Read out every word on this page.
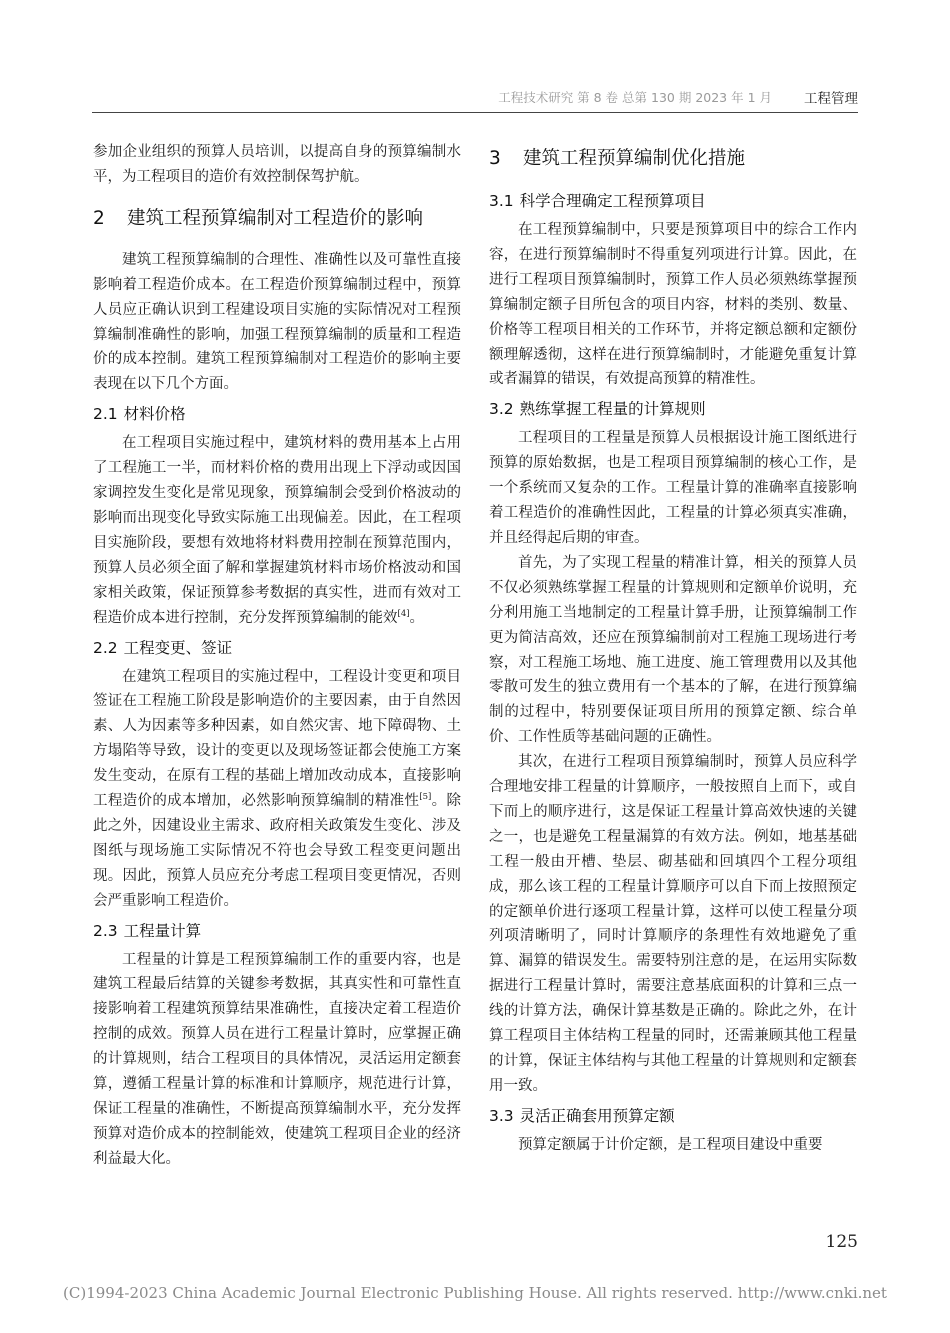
工程技术研究 第 8 卷 总第 130 期 2023 年 1 月 工程管理

参加企业组织的预算人员培训，以提高自身的预算编制水平，为工程项目的造价有效控制保驾护航。

2 建筑工程预算编制对工程造价的影响

建筑工程预算编制的合理性、准确性以及可靠性直接影响着工程造价成本。在工程造价预算编制过程中，预算人员应正确认识到工程建设项目实施的实际情况对工程预算编制准确性的影响，加强工程预算编制的质量和工程造价的成本控制。建筑工程预算编制对工程造价的影响主要表现在以下几个方面。

2.1 材料价格

在工程项目实施过程中，建筑材料的费用基本上占用了工程施工一半，而材料价格的费用出现上下浮动或因国家调控发生变化是常见现象，预算编制会受到价格波动的影响而出现变化导致实际施工出现偏差。因此，在工程项目实施阶段，要想有效地将材料费用控制在预算范围内，预算人员必须全面了解和掌握建筑材料市场价格波动和国家相关政策，保证预算参考数据的真实性，进而有效对工程造价成本进行控制，充分发挥预算编制的能效[4]。

2.2 工程变更、签证

在建筑工程项目的实施过程中，工程设计变更和项目签证在工程施工阶段是影响造价的主要因素，由于自然因素、人为因素等多种因素，如自然灾害、地下障碍物、土方塌陷等导致，设计的变更以及现场签证都会使施工方案发生变动，在原有工程的基础上增加改动成本，直接影响工程造价的成本增加，必然影响预算编制的精准性[5]。除此之外，因建设业主需求、政府相关政策发生变化、涉及图纸与现场施工实际情况不符也会导致工程变更问题出现。因此，预算人员应充分考虑工程项目变更情况，否则会严重影响工程造价。

2.3 工程量计算

工程量的计算是工程预算编制工作的重要内容，也是建筑工程最后结算的关键参考数据，其真实性和可靠性直接影响着工程建筑预算结果准确性，直接决定着工程造价控制的成效。预算人员在进行工程量计算时，应掌握正确的计算规则，结合工程项目的具体情况，灵活运用定额套算，遵循工程量计算的标准和计算顺序，规范进行计算，保证工程量的准确性，不断提高预算编制水平，充分发挥预算对造价成本的控制能效，使建筑工程项目企业的经济利益最大化。

3 建筑工程预算编制优化措施
3.1 科学合理确定工程预算项目

在工程预算编制中，只要是预算项目中的综合工作内容，在进行预算编制时不得重复列项进行计算。因此，在进行工程项目预算编制时，预算工作人员必须熟练掌握预算编制定额子目所包含的项目内容，材料的类别、数量、价格等工程项目相关的工作环节，并将定额总额和定额份额理解透彻，这样在进行预算编制时，才能避免重复计算或者漏算的错误，有效提高预算的精准性。

3.2 熟练掌握工程量的计算规则

工程项目的工程量是预算人员根据设计施工图纸进行预算的原始数据，也是工程项目预算编制的核心工作，是一个系统而又复杂的工作。工程量计算的准确率直接影响着工程造价的准确性因此，工程量的计算必须真实准确，并且经得起后期的审查。

首先，为了实现工程量的精准计算，相关的预算人员不仅必须熟练掌握工程量的计算规则和定额单价说明，充分利用施工当地制定的工程量计算手册，让预算编制工作更为简洁高效，还应在预算编制前对工程施工现场进行考察，对工程施工场地、施工进度、施工管理费用以及其他零散可发生的独立费用有一个基本的了解，在进行预算编制的过程中，特别要保证项目所用的预算定额、综合单价、工作性质等基础问题的正确性。

其次，在进行工程项目预算编制时，预算人员应科学合理地安排工程量的计算顺序，一般按照自上而下，或自下而上的顺序进行，这是保证工程量计算高效快速的关键之一，也是避免工程量漏算的有效方法。例如，地基基础工程一般由开槽、垫层、砌基础和回填四个工程分项组成，那么该工程的工程量计算顺序可以自下而上按照预定的定额单价进行逐项工程量计算，这样可以使工程量分项列项清晰明了，同时计算顺序的条理性有效地避免了重算、漏算的错误发生。需要特别注意的是，在运用实际数据进行工程量计算时，需要注意基底面积的计算和三点一线的计算方法，确保计算基数是正确的。除此之外，在计算工程项目主体结构工程量的同时，还需兼顾其他工程量的计算，保证主体结构与其他工程量的计算规则和定额套用一致。

3.3 灵活正确套用预算定额

预算定额属于计价定额，是工程项目建设中重要

125
(C)1994-2023 China Academic Journal Electronic Publishing House. All rights reserved. http://www.cnki.net
